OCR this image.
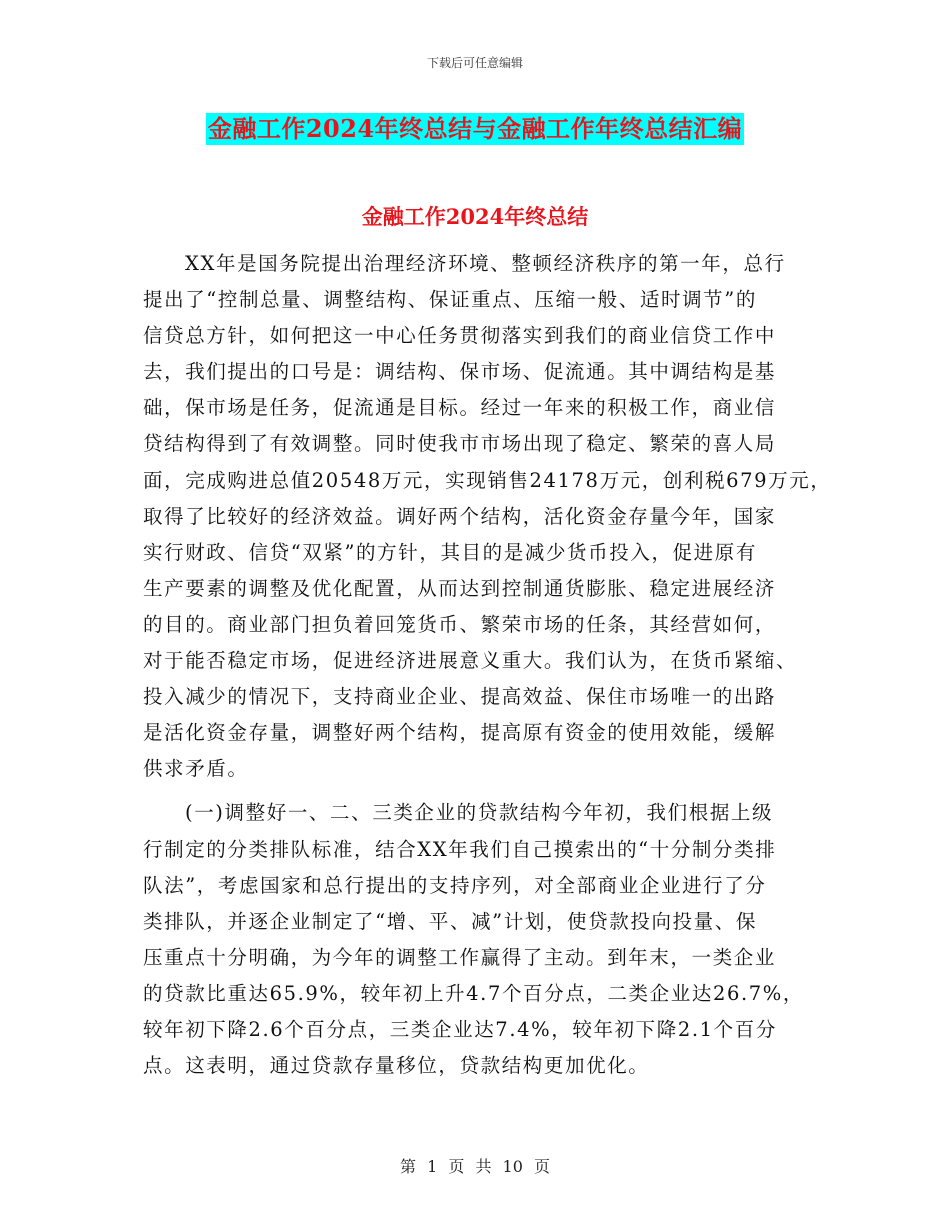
下载后可任意编辑
金融工作2024年终总结与金融工作年终总结汇编
金融工作2024年终总结
XX年是国务院提出治理经济环境、整顿经济秩序的第一年，总行
提出了“控制总量、调整结构、保证重点、压缩一般、适时调节”的
信贷总方针，如何把这一中心任务贯彻落实到我们的商业信贷工作中
去，我们提出的口号是：调结构、保市场、促流通。其中调结构是基
础，保市场是任务，促流通是目标。经过一年来的积极工作，商业信
贷结构得到了有效调整。同时使我市市场出现了稳定、繁荣的喜人局
面，完成购进总值20548万元，实现销售24178万元，创利税679万元，
取得了比较好的经济效益。调好两个结构，活化资金存量今年，国家
实行财政、信贷“双紧”的方针，其目的是减少货币投入，促进原有
生产要素的调整及优化配置，从而达到控制通货膨胀、稳定进展经济
的目的。商业部门担负着回笼货币、繁荣市场的任条，其经营如何，
对于能否稳定市场，促进经济进展意义重大。我们认为，在货币紧缩、
投入减少的情况下，支持商业企业、提高效益、保住市场唯一的出路
是活化资金存量，调整好两个结构，提高原有资金的使用效能，缓解
供求矛盾。
(一)调整好一、二、三类企业的贷款结构今年初，我们根据上级
行制定的分类排队标准，结合XX年我们自己摸索出的“十分制分类排
队法”，考虑国家和总行提出的支持序列，对全部商业企业进行了分
类排队，并逐企业制定了“增、平、减”计划，使贷款投向投量、保
压重点十分明确，为今年的调整工作赢得了主动。到年末，一类企业
的贷款比重达65.9%，较年初上升4.7个百分点，二类企业达26.7%，
较年初下降2.6个百分点，三类企业达7.4%，较年初下降2.1个百分
点。这表明，通过贷款存量移位，贷款结构更加优化。
第 1 页 共 10 页
